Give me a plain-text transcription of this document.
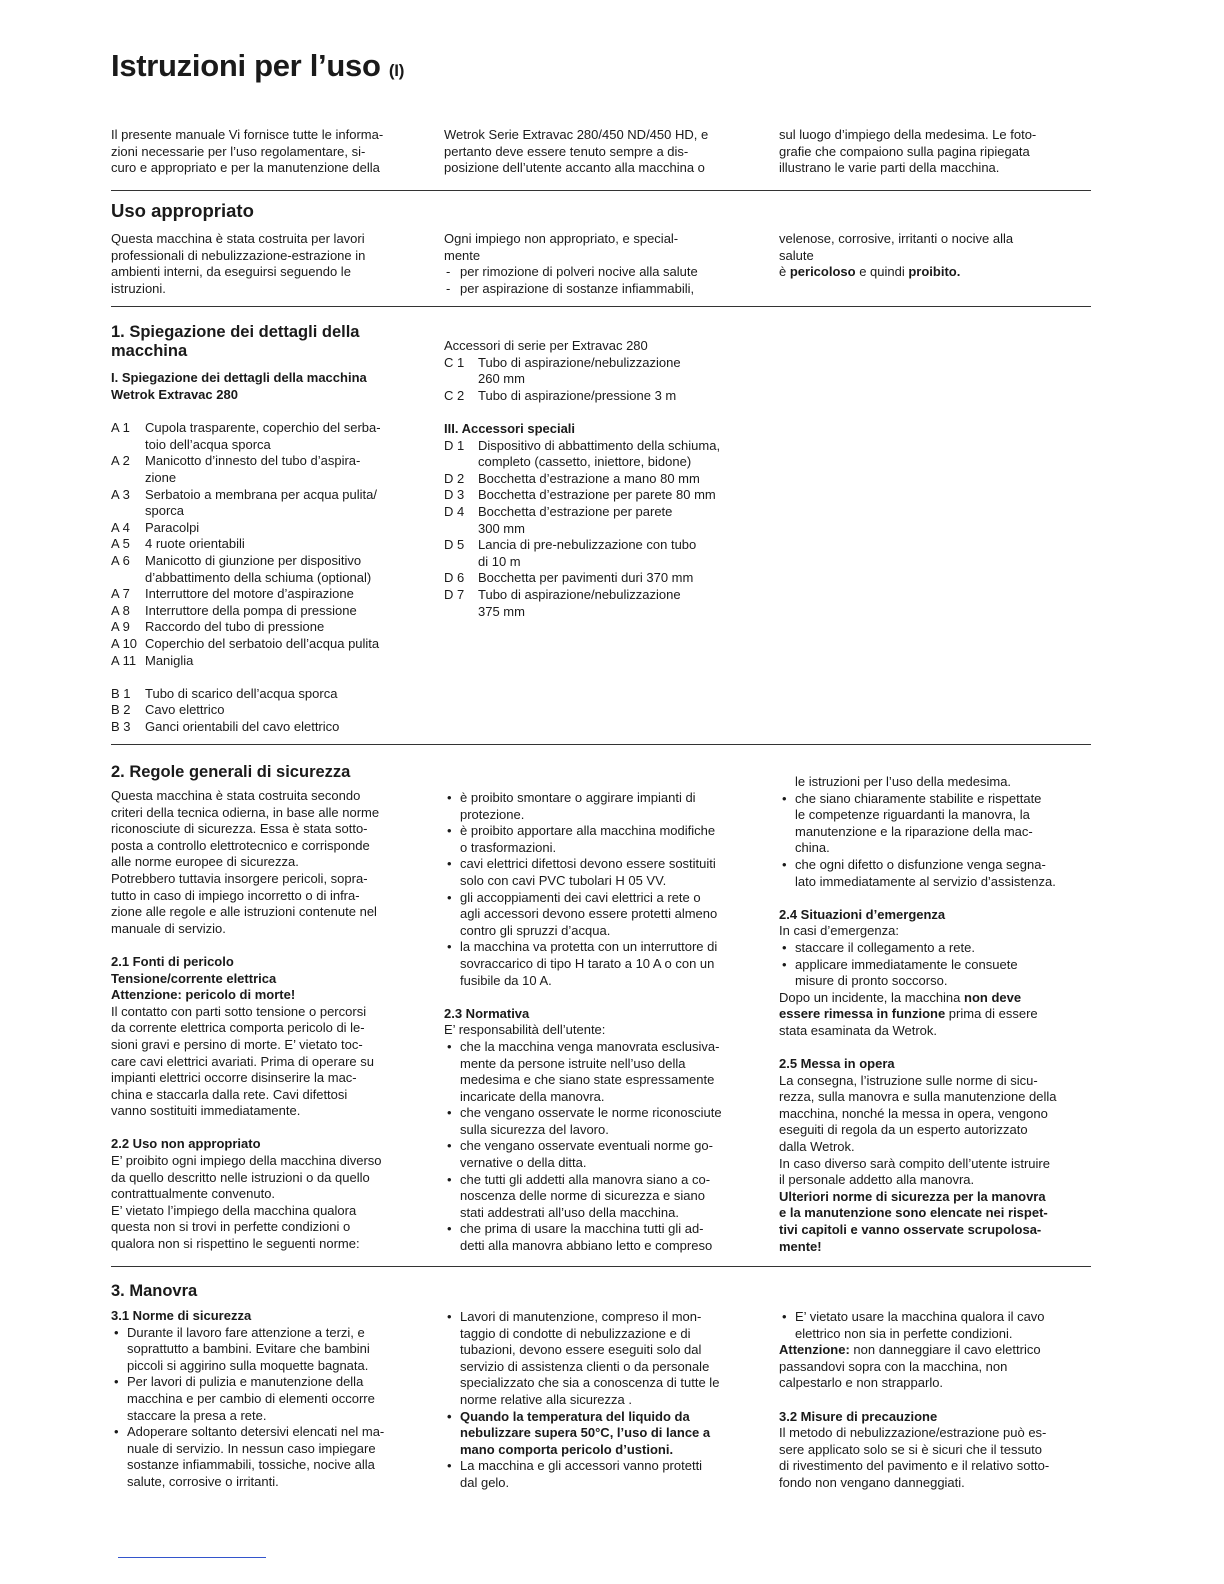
Istruzioni per l’uso (I)

Il presente manuale Vi fornisce tutte le informa-
zioni necessarie per l’uso regolamentare, si-
curo e appropriato e per la manutenzione della

Wetrok Serie Extravac 280/450 ND/450 HD, e
pertanto deve essere tenuto sempre a dis-
posizione dell’utente accanto alla macchina o

sul luogo d’impiego della medesima. Le foto-
grafie che compaiono sulla pagina ripiegata
illustrano le varie parti della macchina.

Uso appropriato

Questa macchina è stata costruita per lavori
professionali di nebulizzazione-estrazione in
ambienti interni, da eseguirsi seguendo le
istruzioni.

Ogni impiego non appropriato, e special-
mente

- per rimozione di polveri nocive alla salute
- per aspirazione di sostanze infiammabili,

velenose, corrosive, irritanti o nocive alla
salute

è pericoloso e quindi proibito.

1. Spiegazione dei dettagli della
macchina

I. Spiegazione dei dettagli della macchina
Wetrok Extravac 280

A 1	Cupola trasparente, coperchio del serba-
toio dell’acqua sporca
A 2	Manicotto d’innesto del tubo d’aspira-
zione
A 3	Serbatoio a membrana per acqua pulita/
sporca
A 4	Paracolpi
A 5	4 ruote orientabili
A 6	Manicotto di giunzione per dispositivo
d’abbattimento della schiuma (optional)
A 7	Interruttore del motore d’aspirazione
A 8	Interruttore della pompa di pressione
A 9	Raccordo del tubo di pressione
A 10 Coperchio del serbatoio dell’acqua pulita
A 11 Maniglia
B 1	Tubo di scarico dell’acqua sporca
B 2	Cavo elettrico
B 3	Ganci orientabili del cavo elettrico

Accessori di serie per Extravac 280

C 1	Tubo di aspirazione/nebulizzazione
260 mm
C 2	Tubo di aspirazione/pressione 3 m

III. Accessori speciali

D 1	Dispositivo di abbattimento della schiuma,
completo (cassetto, iniettore, bidone)
D 2	Bocchetta d’estrazione a mano 80 mm
D 3	Bocchetta d’estrazione per parete 80 mm
D 4	Bocchetta d’estrazione per parete
300 mm
D 5	Lancia di pre-nebulizzazione con tubo
di 10 m
D 6	Bocchetta per pavimenti duri 370 mm
D 7	Tubo di aspirazione/nebulizzazione
375 mm

2. Regole generali di sicurezza

Questa macchina è stata costruita secondo
criteri della tecnica odierna, in base alle norme
riconosciute di sicurezza. Essa è stata sotto-
posta a controllo elettrotecnico e corrisponde
alle norme europee di sicurezza.
Potrebbero tuttavia insorgere pericoli, sopra-
tutto in caso di impiego incorretto o di infra-
zione alle regole e alle istruzioni contenute nel
manuale di servizio.

2.1 Fonti di pericolo

Tensione/corrente elettrica

Attenzione: pericolo di morte!

Il contatto con parti sotto tensione o percorsi
da corrente elettrica comporta pericolo di le-
sioni gravi e persino di morte. E’ vietato toc-
care cavi elettrici avariati. Prima di operare su
impianti elettrici occorre disinserire la mac-
china e staccarla dalla rete. Cavi difettosi
vanno sostituiti immediatamente.

2.2 Uso non appropriato

E’ proibito ogni impiego della macchina diverso
da quello descritto nelle istruzioni o da quello
contrattualmente convenuto.
E’ vietato l’impiego della macchina qualora
questa non si trovi in perfette condizioni o
qualora non si rispettino le seguenti norme:

• è proibito smontare o aggirare impianti di
protezione.
• è proibito apportare alla macchina modifiche
o trasformazioni.
• cavi elettrici difettosi devono essere sostituiti
solo con cavi PVC tubolari H 05 VV.
• gli accoppiamenti dei cavi elettrici a rete o
agli accessori devono essere protetti almeno
contro gli spruzzi d’acqua.
• la macchina va protetta con un interruttore di
sovraccarico di tipo H tarato a 10 A o con un
fusibile da 10 A.

2.3 Normativa

E’ responsabilità dell’utente:

• che la macchina venga manovrata esclusiva-
mente da persone istruite nell’uso della
medesima e che siano state espressamente
incaricate della manovra.
• che vengano osservate le norme riconosciute
sulla sicurezza del lavoro.
• che vengano osservate eventuali norme go-
vernative o della ditta.
• che tutti gli addetti alla manovra siano a co-
noscenza delle norme di sicurezza e siano
stati addestrati all’uso della macchina.
• che prima di usare la macchina tutti gli ad-
detti alla manovra abbiano letto e compreso

le istruzioni per l’uso della medesima.

• che siano chiaramente stabilite e rispettate
le competenze riguardanti la manovra, la
manutenzione e la riparazione della mac-
china.
• che ogni difetto o disfunzione venga segna-
lato immediatamente al servizio d’assistenza.

2.4 Situazioni d’emergenza

In casi d’emergenza:

• staccare il collegamento a rete.
• applicare immediatamente le consuete
misure di pronto soccorso.

Dopo un incidente, la macchina non deve
essere rimessa in funzione prima di essere
stata esaminata da Wetrok.

2.5 Messa in opera

La consegna, l’istruzione sulle norme di sicu-
rezza, sulla manovra e sulla manutenzione della
macchina, nonché la messa in opera, vengono
eseguiti di regola da un esperto autorizzato
dalla Wetrok.
In caso diverso sarà compito dell’utente istruire
il personale addetto alla manovra.

Ulteriori norme di sicurezza per la manovra
e la manutenzione sono elencate nei rispet-
tivi capitoli e vanno osservate scrupolosa-
mente!

3. Manovra

3.1 Norme di sicurezza

• Durante il lavoro fare attenzione a terzi, e
soprattutto a bambini. Evitare che bambini
piccoli si aggirino sulla moquette bagnata.
• Per lavori di pulizia e manutenzione della
macchina e per cambio di elementi occorre
staccare la presa a rete.
• Adoperare soltanto detersivi elencati nel ma-
nuale di servizio. In nessun caso impiegare
sostanze infiammabili, tossiche, nocive alla
salute, corrosive o irritanti.
• Lavori di manutenzione, compreso il mon-
taggio di condotte di nebulizzazione e di
tubazioni, devono essere eseguiti solo dal
servizio di assistenza clienti o da personale
specializzato che sia a conoscenza di tutte le
norme relative alla sicurezza .
• Quando la temperatura del liquido da
nebulizzare supera 50°C, l’uso di lance a
mano comporta pericolo d’ustioni.
• La macchina e gli accessori vanno protetti
dal gelo.
• E’ vietato usare la macchina qualora il cavo
elettrico non sia in perfette condizioni.

Attenzione: non danneggiare il cavo elettrico
passandovi sopra con la macchina, non
calpestarlo e non strapparlo.

3.2 Misure di precauzione

Il metodo di nebulizzazione/estrazione può es-
sere applicato solo se si è sicuri che il tessuto
di rivestimento del pavimento e il relativo sotto-
fondo non vengano danneggiati.
